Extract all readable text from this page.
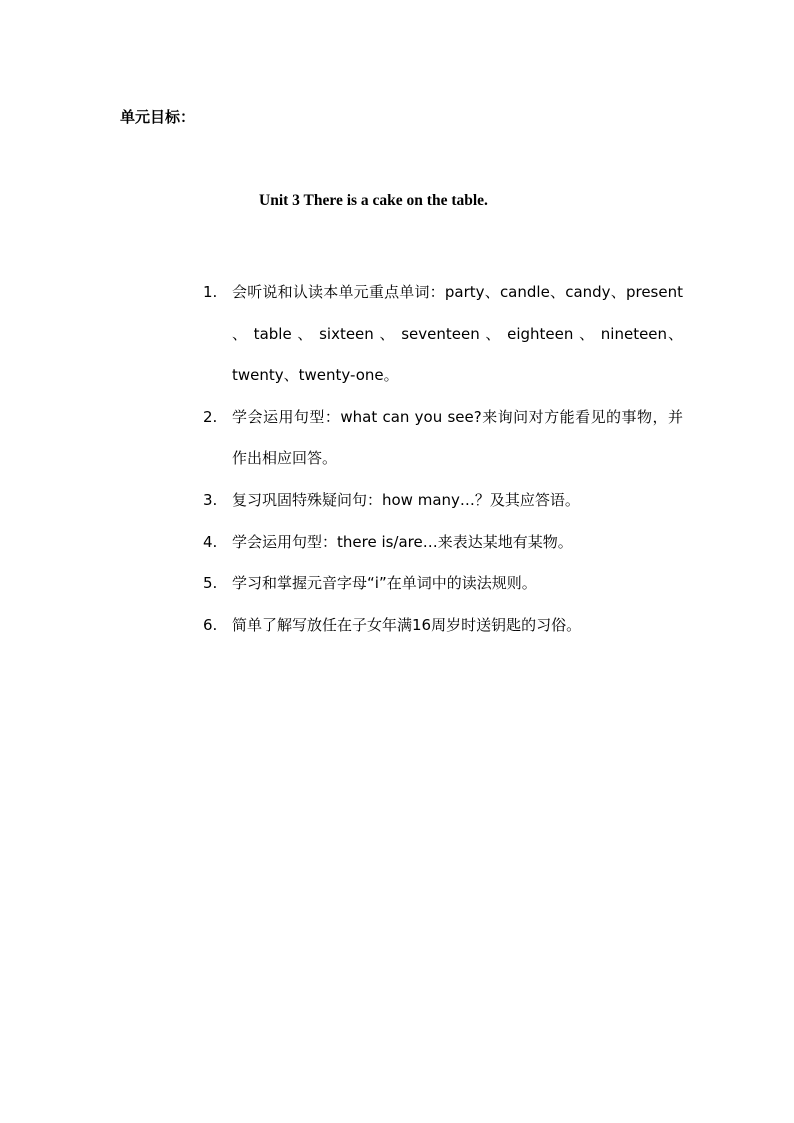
单元目标：
Unit 3 There is a cake on the table.
1. 会听说和认读本单元重点单词：party、candle、candy、present 、 table 、 sixteen 、 seventeen 、 eighteen 、 nineteen、twenty、twenty-one。
2. 学会运用句型：what can you see?来询问对方能看见的事物，并作出相应回答。
3. 复习巩固特殊疑问句：how many…？及其应答语。
4. 学会运用句型：there is/are…来表达某地有某物。
5. 学习和掌握元音字母“i”在单词中的读法规则。
6. 简单了解写放任在子女年满16周岁时送钥匙的习俗。
